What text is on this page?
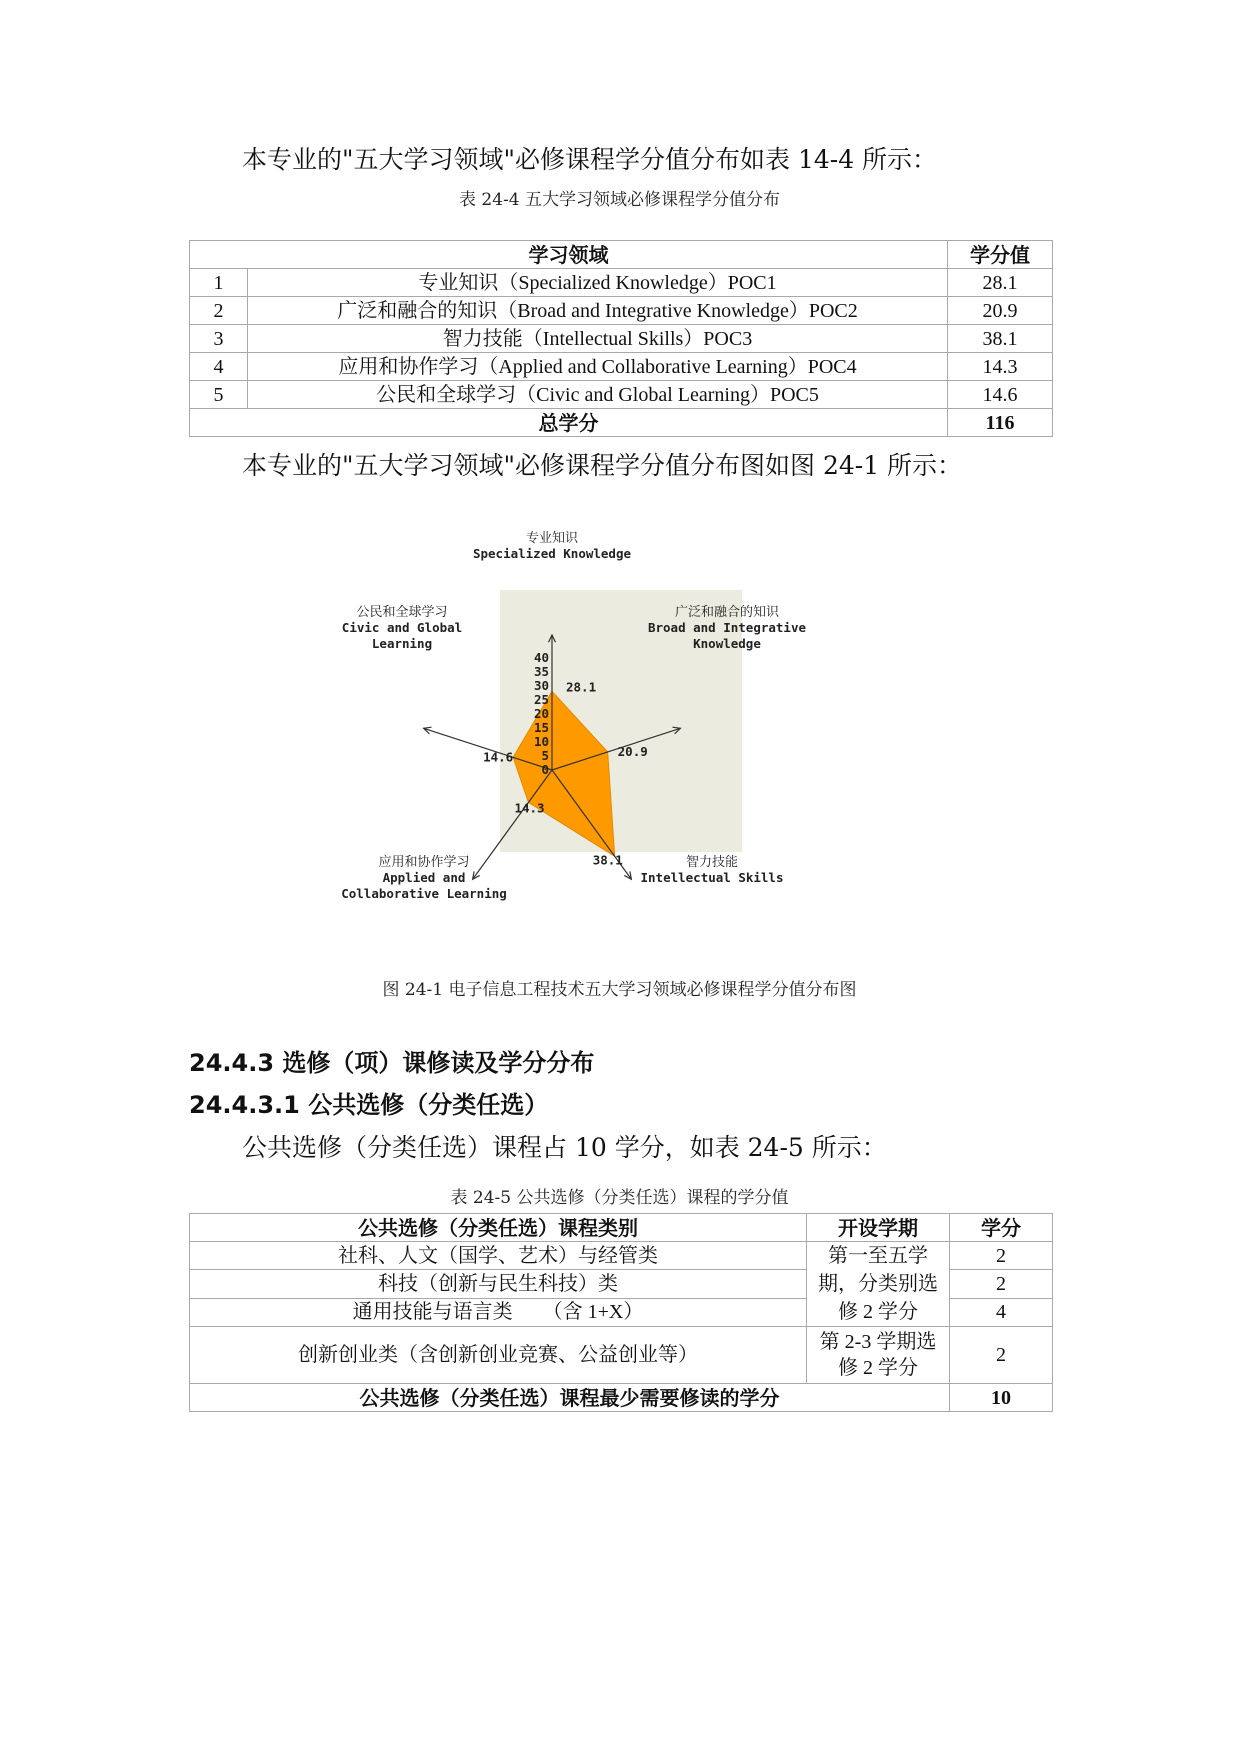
本专业的"五大学习领域"必修课程学分值分布如表 14-4 所示：
表 24-4 五大学习领域必修课程学分值分布
学习领域		学分值
1	专业知识（Specialized Knowledge）POC1	28.1
2	广泛和融合的知识（Broad and Integrative Knowledge）POC2	20.9
3	智力技能（Intellectual Skills）POC3	38.1
4	应用和协作学习（Applied and Collaborative Learning）POC4	14.3
5	公民和全球学习（Civic and Global Learning）POC5	14.6
总学分		116
本专业的"五大学习领域"必修课程学分值分布图如图 24-1 所示：
0
5
10
15
20
25
30
35
40
28.1
20.9
38.1
14.3
14.6
专业知识
Specialized Knowledge
广泛和融合的知识
Broad and Integrative
Knowledge
智力技能
Intellectual Skills
应用和协作学习
Applied and
Collaborative Learning
公民和全球学习
Civic and Global
Learning
图 24-1 电子信息工程技术五大学习领域必修课程学分值分布图
24.4.3 选修（项）课修读及学分分布
24.4.3.1 公共选修（分类任选）
公共选修（分类任选）课程占 10 学分，如表 24-5 所示：
表 24-5 公共选修（分类任选）课程的学分值
公共选修（分类任选）课程类别	开设学期	学分
社科、人文（国学、艺术）与经管类	第一至五学期，分类别选修 2 学分	2
科技（创新与民生科技）类		2
通用技能与语言类　　（含 1+X）		4
创新创业类（含创新创业竞赛、公益创业等）	第 2-3 学期选修 2 学分	2
公共选修（分类任选）课程最少需要修读的学分		10
